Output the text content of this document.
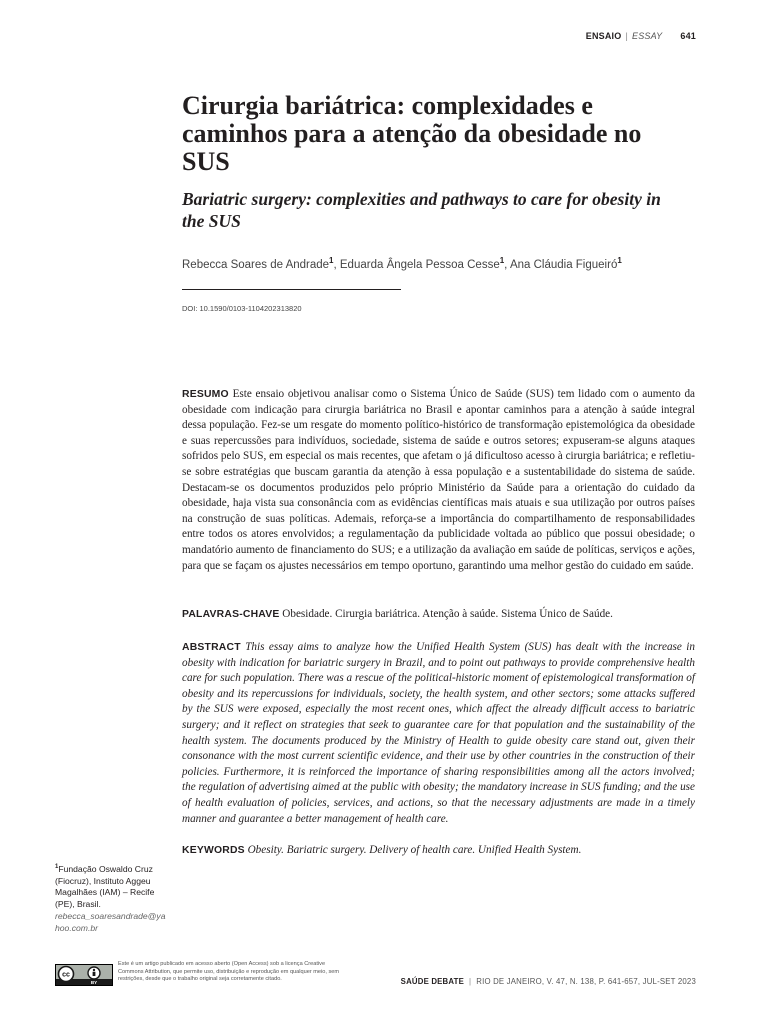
ENSAIO | ESSAY 641
Cirurgia bariátrica: complexidades e caminhos para a atenção da obesidade no SUS
Bariatric surgery: complexities and pathways to care for obesity in the SUS
Rebecca Soares de Andrade$^1$, Eduarda Ângela Pessoa Cesse$^1$, Ana Cláudia Figueiró$^1$
DOI: 10.1590/0103-1104202313820
RESUMO Este ensaio objetivou analisar como o Sistema Único de Saúde (SUS) tem lidado com o aumento da obesidade com indicação para cirurgia bariátrica no Brasil e apontar caminhos para a atenção à saúde integral dessa população. Fez-se um resgate do momento político-histórico de transformação epistemológica da obesidade e suas repercussões para indivíduos, sociedade, sistema de saúde e outros setores; expuseram-se alguns ataques sofridos pelo SUS, em especial os mais recentes, que afetam o já dificultoso acesso à cirurgia bariátrica; e refletiu-se sobre estratégias que buscam garantia da atenção à essa população e a sustentabilidade do sistema de saúde. Destacam-se os documentos produzidos pelo próprio Ministério da Saúde para a orientação do cuidado da obesidade, haja vista sua consonância com as evidências científicas mais atuais e sua utilização por outros países na construção de suas políticas. Ademais, reforça-se a importância do compartilhamento de responsabilidades entre todos os atores envolvidos; a regulamentação da publicidade voltada ao público que possui obesidade; o mandatório aumento de financiamento do SUS; e a utilização da avaliação em saúde de políticas, serviços e ações, para que se façam os ajustes necessários em tempo oportuno, garantindo uma melhor gestão do cuidado em saúde.
PALAVRAS-CHAVE Obesidade. Cirurgia bariátrica. Atenção à saúde. Sistema Único de Saúde.
ABSTRACT This essay aims to analyze how the Unified Health System (SUS) has dealt with the increase in obesity with indication for bariatric surgery in Brazil, and to point out pathways to provide comprehensive health care for such population. There was a rescue of the political-historic moment of epistemological transformation of obesity and its repercussions for individuals, society, the health system, and other sectors; some attacks suffered by the SUS were exposed, especially the most recent ones, which affect the already difficult access to bariatric surgery; and it reflect on strategies that seek to guarantee care for that population and the sustainability of the health system. The documents produced by the Ministry of Health to guide obesity care stand out, given their consonance with the most current scientific evidence, and their use by other countries in the construction of their policies. Furthermore, it is reinforced the importance of sharing responsibilities among all the actors involved; the regulation of advertising aimed at the public with obesity; the mandatory increase in SUS funding; and the use of health evaluation of policies, services, and actions, so that the necessary adjustments are made in a timely manner and guarantee a better management of health care.
KEYWORDS Obesity. Bariatric surgery. Delivery of health care. Unified Health System.
$^1$Fundação Oswaldo Cruz (Fiocruz), Instituto Aggeu Magalhães (IAM) – Recife (PE), Brasil.
rebecca_soaresandrade@yahoo.com.br
cc
BY
Este é um artigo publicado em acesso aberto (Open Access) sob a licença Creative Commons Attribution, que permite uso, distribuição e reprodução em qualquer meio, sem restrições, desde que o trabalho original seja corretamente citado.	SAÚDE DEBATE | RIO DE JANEIRO, V. 47, N. 138, P. 641-657, JUL-SET 2023
